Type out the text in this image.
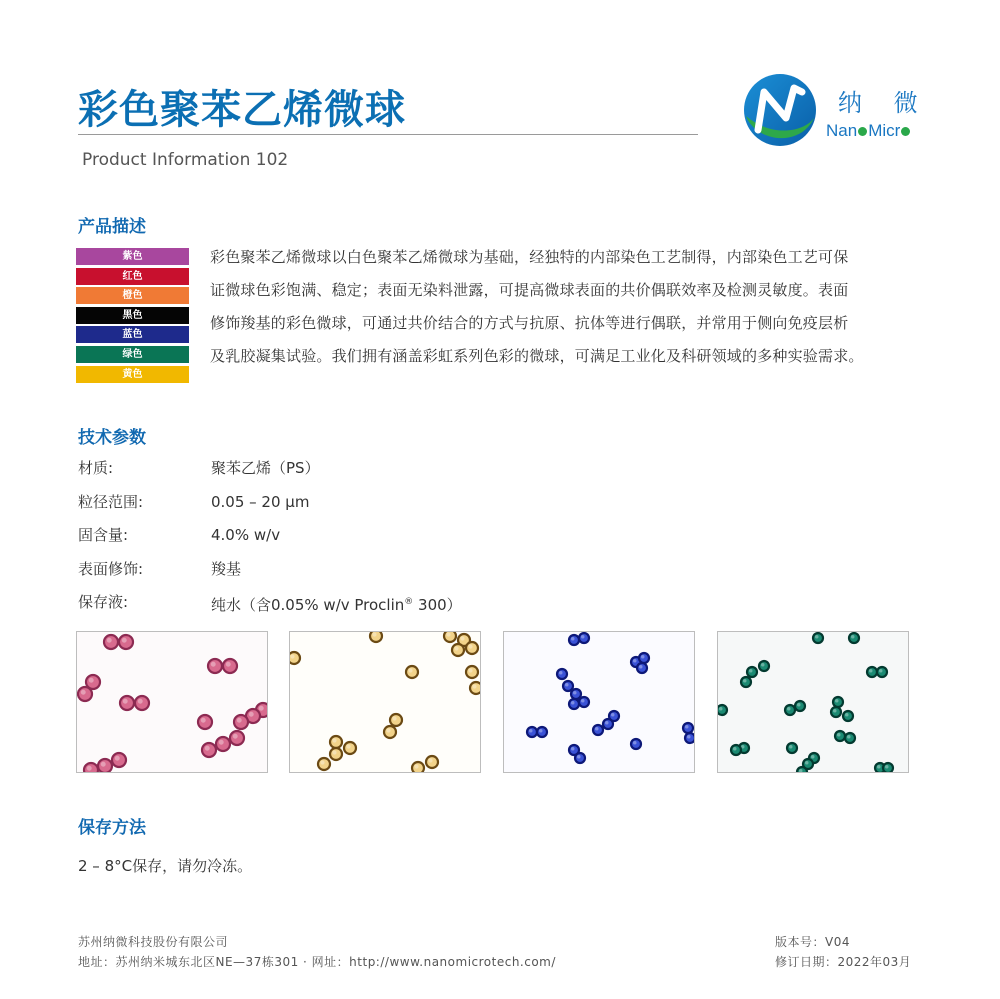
彩色聚苯乙烯微球
Product Information 102
纳 微
Nan Micr
产品描述
紫色
红色
橙色
黑色
蓝色
绿色
黄色

彩色聚苯乙烯微球以白色聚苯乙烯微球为基础，经独特的内部染色工艺制得，内部染色工艺可保

证微球色彩饱满、稳定；表面无染料泄露，可提高微球表面的共价偶联效率及检测灵敏度。表面

修饰羧基的彩色微球，可通过共价结合的方式与抗原、抗体等进行偶联，并常用于侧向免疫层析

及乳胶凝集试验。我们拥有涵盖彩虹系列色彩的微球，可满足工业化及科研领域的多种实验需求。

技术参数
材质:	聚苯乙烯（PS）
粒径范围:	0.05 – 20 µm
固含量:	4.0% w/v
表面修饰:	羧基
保存液:	纯水（含0.05% w/v Proclin® 300）
保存方法
2 – 8°C保存，请勿冷冻。
苏州纳微科技股份有限公司
地址：苏州纳米城东北区NE—37栋301 · 网址：http://www.nanomicrotech.com/
版本号：V04
修订日期：2022年03月
